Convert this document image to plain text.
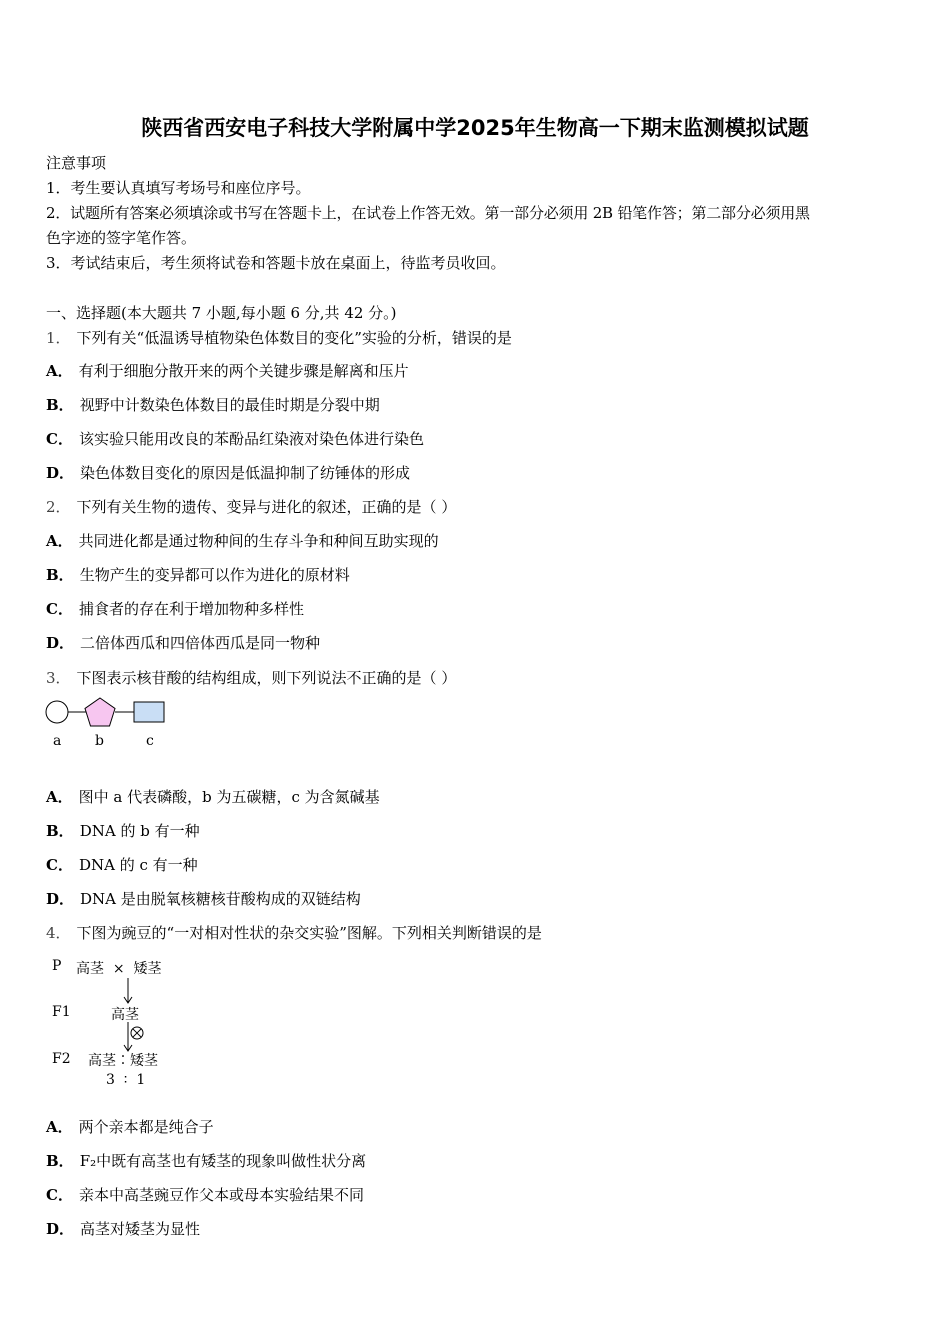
陕西省西安电子科技大学附属中学2025年生物高一下期末监测模拟试题
注意事项
1．考生要认真填写考场号和座位序号。
2．试题所有答案必须填涂或书写在答题卡上，在试卷上作答无效。第一部分必须用 2B 铅笔作答；第二部分必须用黑
色字迹的签字笔作答。
3．考试结束后，考生须将试卷和答题卡放在桌面上，待监考员收回。
一、选择题(本大题共 7 小题,每小题 6 分,共 42 分。)
1． 下列有关“低温诱导植物染色体数目的变化”实验的分析，错误的是
A． 有利于细胞分散开来的两个关键步骤是解离和压片
B． 视野中计数染色体数目的最佳时期是分裂中期
C． 该实验只能用改良的苯酚品红染液对染色体进行染色
D． 染色体数目变化的原因是低温抑制了纺锤体的形成
2． 下列有关生物的遗传、变异与进化的叙述，正确的是（ ）
A． 共同进化都是通过物种间的生存斗争和种间互助实现的
B． 生物产生的变异都可以作为进化的原材料
C． 捕食者的存在利于增加物种多样性
D． 二倍体西瓜和四倍体西瓜是同一物种
3． 下图表示核苷酸的结构组成，则下列说法不正确的是（ ）
a b	c
A． 图中 a 代表磷酸，b 为五碳糖，c 为含氮碱基
B． DNA 的 b 有一种
C． DNA 的 c 有一种
D． DNA 是由脱氧核糖核苷酸构成的双链结构
4． 下图为豌豆的“一对相对性状的杂交实验”图解。下列相关判断错误的是
P 高茎  ×  矮茎
F1	高茎
F2 高茎∶矮茎
3  ∶  1
A． 两个亲本都是纯合子
B． F₂中既有高茎也有矮茎的现象叫做性状分离
C． 亲本中高茎豌豆作父本或母本实验结果不同
D． 高茎对矮茎为显性
